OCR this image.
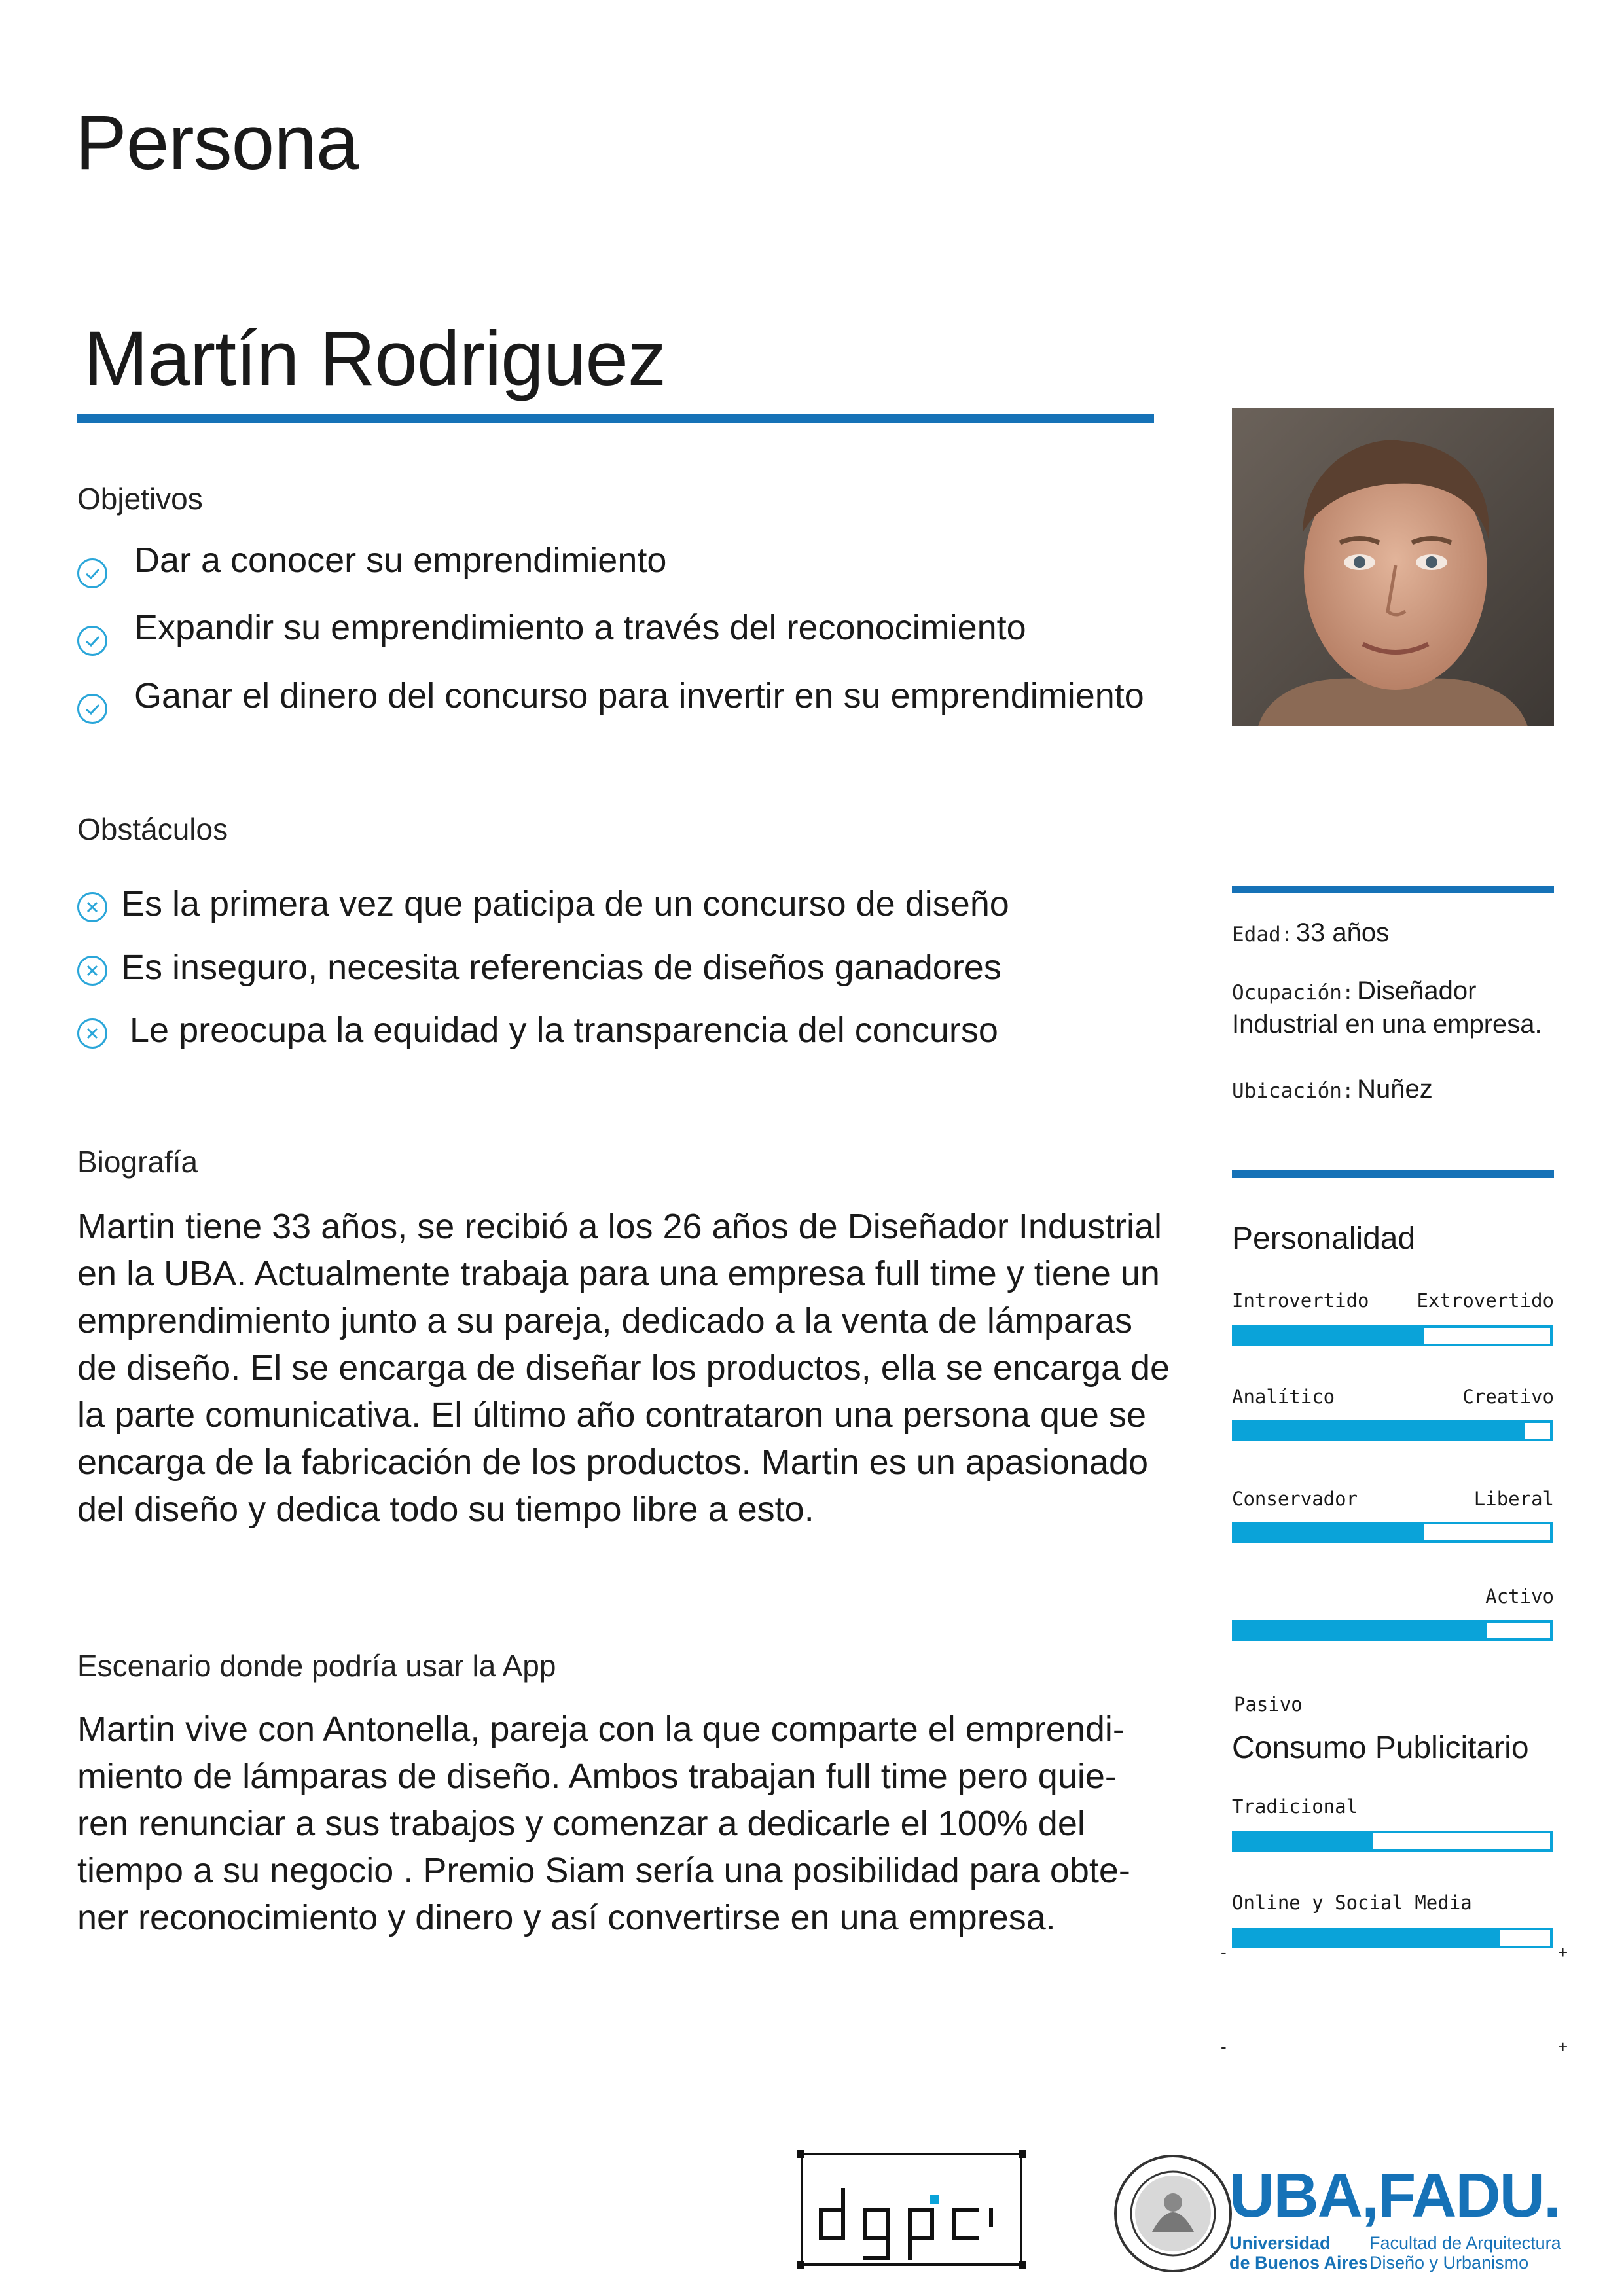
Persona
Martín Rodriguez
Objetivos
Dar a conocer su emprendimiento
Expandir su emprendimiento a través del reconocimiento
Ganar el dinero del concurso para invertir en su emprendimiento
Obstáculos
Es la primera vez que paticipa de un concurso de diseño
Es inseguro, necesita referencias de diseños ganadores
Le preocupa la equidad y la transparencia del concurso
Biografía
Martin tiene 33 años, se recibió a los 26 años de Diseñador Industrial
en la UBA. Actualmente trabaja para una empresa full time y tiene un
emprendimiento junto a su pareja, dedicado a la venta de lámparas
de diseño. El se encarga de diseñar los productos, ella se encarga de
la parte comunicativa. El último año contrataron una persona que se
encarga de la fabricación de los productos. Martin es un apasionado
del diseño y dedica todo su tiempo libre a esto.
Escenario donde podría usar la App
Martin vive con Antonella, pareja con la que comparte el emprendi-
miento de lámparas de diseño. Ambos trabajan full time pero quie-
ren renunciar a sus trabajos y comenzar a dedicarle el 100% del
tiempo a su negocio . Premio Siam sería una posibilidad para obte-
ner reconocimiento y dinero y así convertirse en una empresa.
Edad: 33 años
Ocupación: Diseñador
Industrial en una empresa.
Ubicación: Nuñez
Personalidad
Introvertido	Extrovertido
Analítico	Creativo
Conservador	Liberal
Activo
Pasivo
Consumo Publicitario
Tradicional
Online y Social Media
-	+
-	+
UBA,FADU.
Universidad
de Buenos Aires
Facultad de Arquitectura
Diseño y Urbanismo
